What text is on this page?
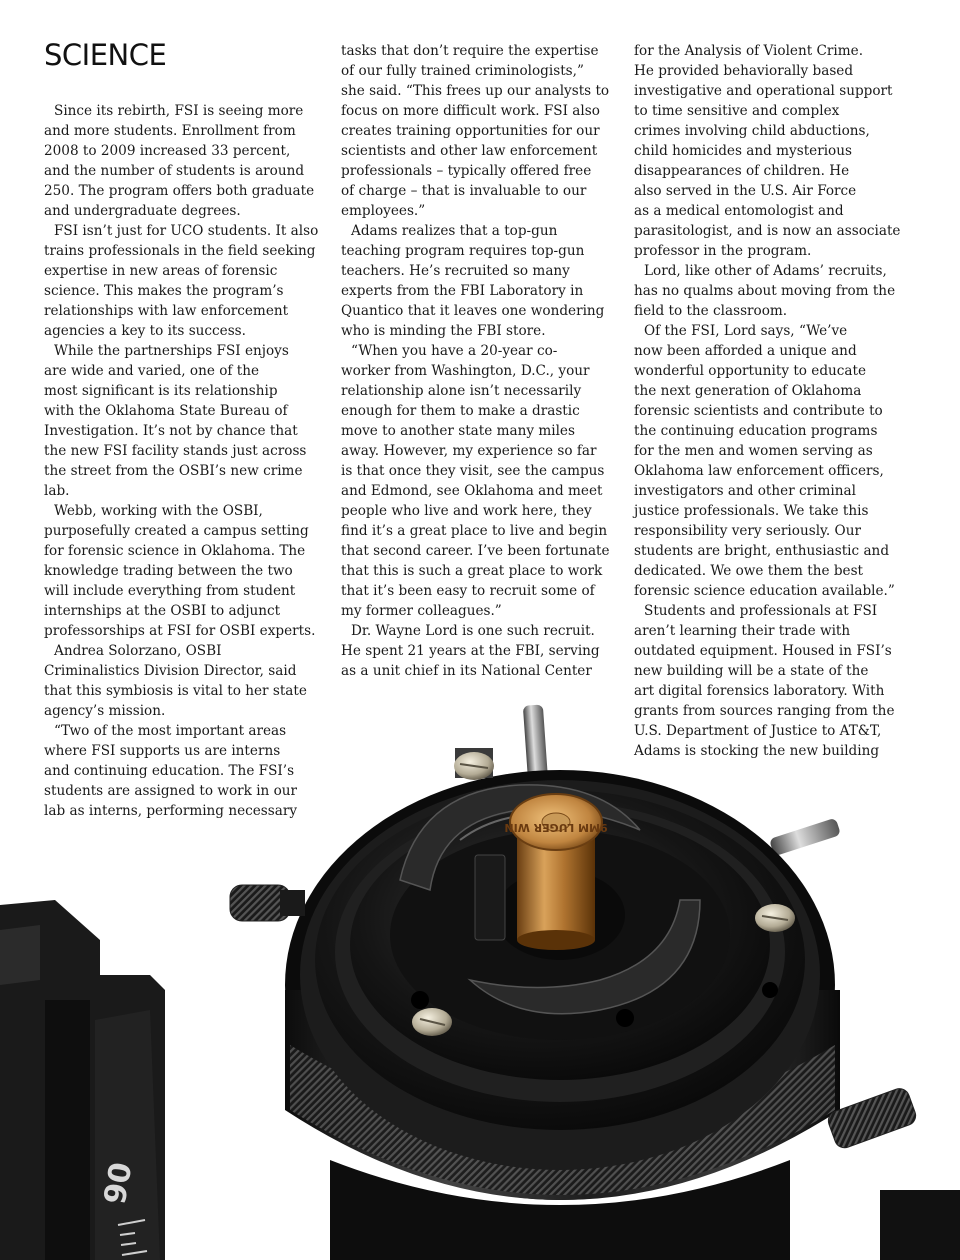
SCIENCE

Since its rebirth, FSI is seeing more
and more students. Enrollment from
2008 to 2009 increased 33 percent,
and the number of students is around
250. The program offers both graduate
and undergraduate degrees.

FSI isn’t just for UCO students. It also
trains professionals in the field seeking
expertise in new areas of forensic
science. This makes the program’s
relationships with law enforcement
agencies a key to its success.

While the partnerships FSI enjoys
are wide and varied, one of the
most significant is its relationship
with the Oklahoma State Bureau of
Investigation. It’s not by chance that
the new FSI facility stands just across
the street from the OSBI’s new crime
lab.

Webb, working with the OSBI,
purposefully created a campus setting
for forensic science in Oklahoma. The
knowledge trading between the two
will include everything from student
internships at the OSBI to adjunct
professorships at FSI for OSBI experts.

Andrea Solorzano, OSBI
Criminalistics Division Director, said
that this symbiosis is vital to her state
agency’s mission.

“Two of the most important areas
where FSI supports us are interns
and continuing education. The FSI’s
students are assigned to work in our
lab as interns, performing necessary

tasks that don’t require the expertise
of our fully trained criminologists,”
she said. “This frees up our analysts to
focus on more difficult work. FSI also
creates training opportunities for our
scientists and other law enforcement
professionals – typically offered free
of charge – that is invaluable to our
employees.”

Adams realizes that a top-gun
teaching program requires top-gun
teachers. He’s recruited so many
experts from the FBI Laboratory in
Quantico that it leaves one wondering
who is minding the FBI store.

“When you have a 20-year co-
worker from Washington, D.C., your
relationship alone isn’t necessarily
enough for them to make a drastic
move to another state many miles
away. However, my experience so far
is that once they visit, see the campus
and Edmond, see Oklahoma and meet
people who live and work here, they
find it’s a great place to live and begin
that second career. I’ve been fortunate
that this is such a great place to work
that it’s been easy to recruit some of
my former colleagues.”

Dr. Wayne Lord is one such recruit.
He spent 21 years at the FBI, serving
as a unit chief in its National Center

for the Analysis of Violent Crime.
He provided behaviorally based
investigative and operational support
to time sensitive and complex
crimes involving child abductions,
child homicides and mysterious
disappearances of children. He
also served in the U.S. Air Force
as a medical entomologist and
parasitologist, and is now an associate
professor in the program.

Lord, like other of Adams’ recruits,
has no qualms about moving from the
field to the classroom.

Of the FSI, Lord says, “We’ve
now been afforded a unique and
wonderful opportunity to educate
the next generation of Oklahoma
forensic scientists and contribute to
the continuing education programs
for the men and women serving as
Oklahoma law enforcement officers,
investigators and other criminal
justice professionals. We take this
responsibility very seriously. Our
students are bright, enthusiastic and
dedicated. We owe them the best
forensic science education available.”

Students and professionals at FSI
aren’t learning their trade with
outdated equipment. Housed in FSI’s
new building will be a state of the
art digital forensics laboratory. With
grants from sources ranging from the
U.S. Department of Justice to AT&T,
Adams is stocking the new building

9MM LUGER WIN
90
